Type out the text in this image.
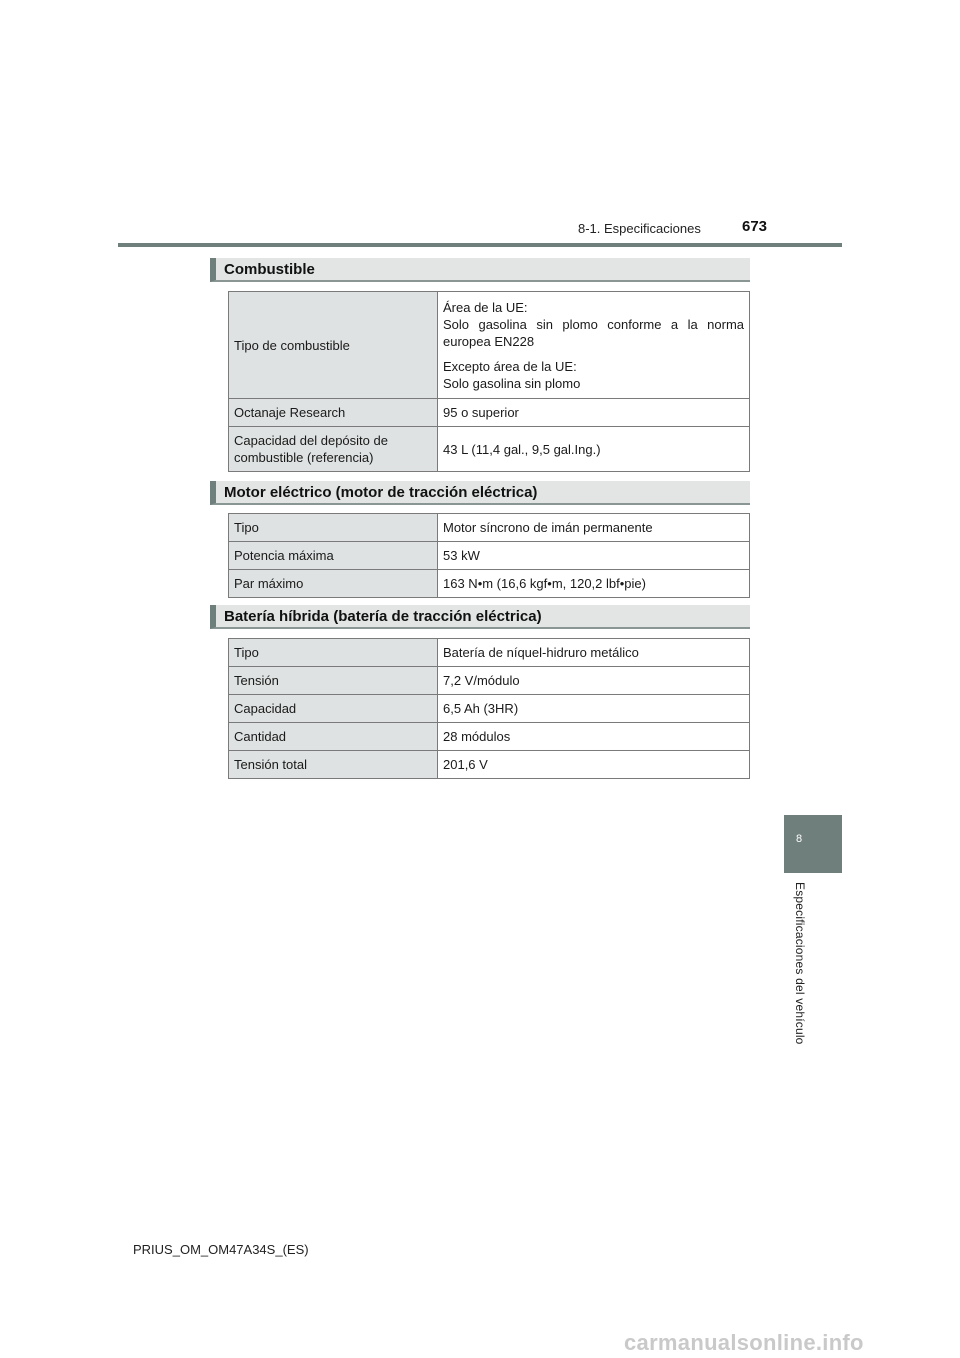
8-1. Especificaciones	673
8
Especificaciones del vehículo
Combustible
Tipo de combustible	Área de la UE:
Solo gasolina sin plomo conforme a la norma europea EN228
Excepto área de la UE:
Solo gasolina sin plomo

Octanaje Research	95 o superior
Capacidad del depósito de combustible (referencia)	43 L (11,4 gal., 9,5 gal.Ing.)
Motor eléctrico (motor de tracción eléctrica)
Tipo	Motor síncrono de imán permanente
Potencia máxima	53 kW
Par máximo	163 N•m (16,6 kgf•m, 120,2 lbf•pie)
Batería híbrida (batería de tracción eléctrica)
Tipo	Batería de níquel-hidruro metálico
Tensión	7,2 V/módulo
Capacidad	6,5 Ah (3HR)
Cantidad	28 módulos
Tensión total	201,6 V
PRIUS_OM_OM47A34S_(ES)
carmanualsonline.info
